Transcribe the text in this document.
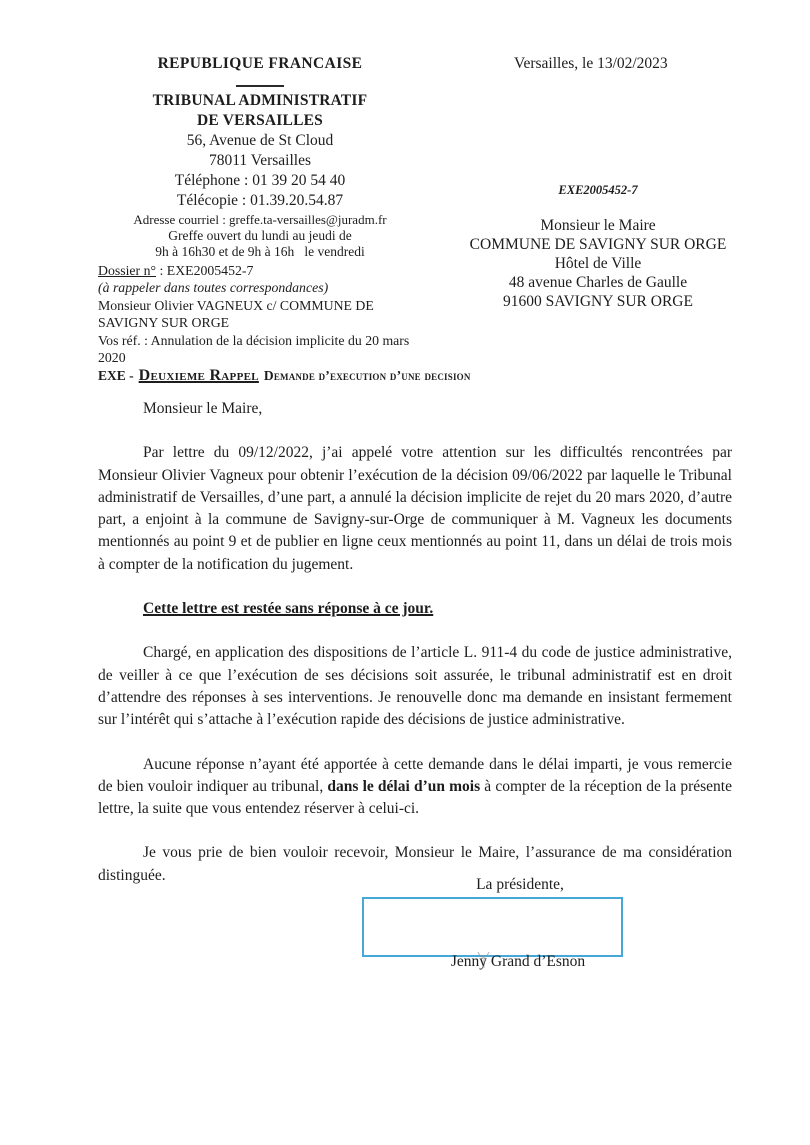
REPUBLIQUE FRANCAISE
TRIBUNAL ADMINISTRATIF
DE VERSAILLES
56, Avenue de St Cloud
78011 Versailles
Téléphone : 01 39 20 54 40
Télécopie : 01.39.20.54.87
Adresse courriel : greffe.ta-versailles@juradm.fr
Greffe ouvert du lundi au jeudi de
9h à 16h30 et de 9h à 16h   le vendredi
Versailles, le 13/02/2023
EXE2005452-7
Monsieur le Maire
COMMUNE DE SAVIGNY SUR ORGE
Hôtel de Ville
48 avenue Charles de Gaulle
91600 SAVIGNY SUR ORGE
Dossier n° : EXE2005452-7
(à rappeler dans toutes correspondances)
Monsieur Olivier VAGNEUX c/ COMMUNE DE
SAVIGNY SUR ORGE
Vos réf. : Annulation de la décision implicite du 20 mars
2020
EXE - Deuxieme Rappel Demande d’execution d’une decision

Monsieur le Maire,

Par lettre du 09/12/2022, j’ai appelé votre attention sur les difficultés rencontrées par Monsieur Olivier Vagneux pour obtenir l’exécution de la décision 09/06/2022 par laquelle le Tribunal administratif de Versailles, d’une part, a annulé la décision implicite de rejet du 20 mars 2020, d’autre part, a enjoint à la commune de Savigny-sur-Orge de communiquer à M. Vagneux les documents mentionnés au point 9 et de publier en ligne ceux mentionnés au point 11, dans un délai de trois mois à compter de la notification du jugement.

Cette lettre est restée sans réponse à ce jour.

Chargé, en application des dispositions de l’article L. 911-4 du code de justice administrative, de veiller à ce que l’exécution de ses décisions soit assurée, le tribunal administratif est en droit d’attendre des réponses à ses interventions. Je renouvelle donc ma demande en insistant fermement sur l’intérêt qui s’attache à l’exécution rapide des décisions de justice administrative.

Aucune réponse n’ayant été apportée à cette demande dans le délai imparti, je vous remercie de bien vouloir indiquer au tribunal, dans le délai d’un mois à compter de la réception de la présente lettre, la suite que vous entendez réserver à celui-ci.

Je vous prie de bien vouloir recevoir, Monsieur le Maire, l’assurance de ma considération distinguée.

La présidente,
Jenny Grand d’Esnon
